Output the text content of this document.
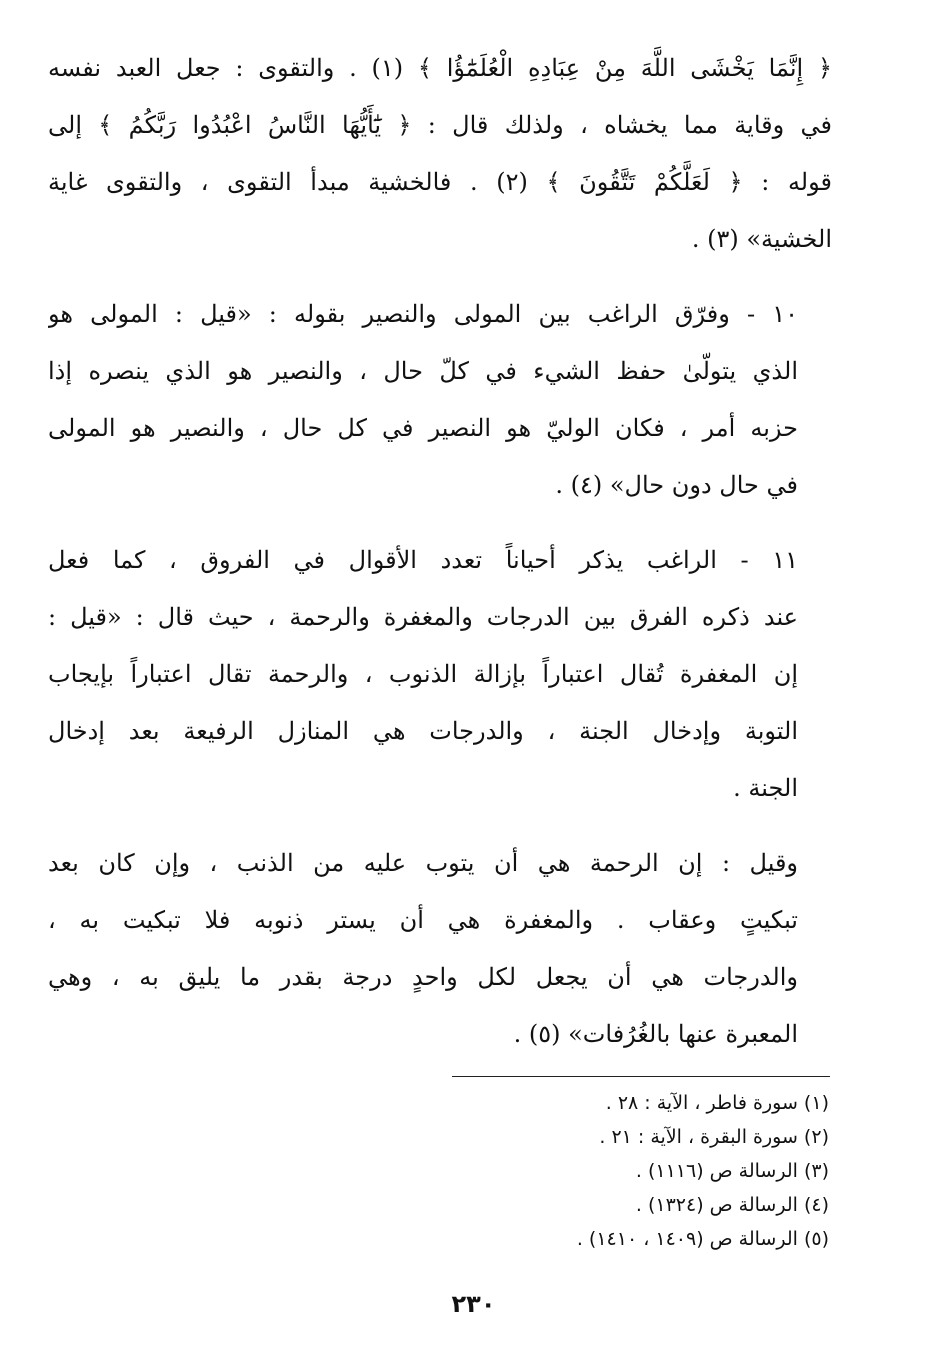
﴿ إِنَّمَا يَخْشَى اللَّهَ مِنْ عِبَادِهِ الْعُلَمَٰٓؤُا ﴾ (١) . والتقوى : جعل العبد نفسه
في وقاية مما يخشاه ، ولذلك قال : ﴿ يَٰٓأَيُّهَا النَّاسُ اعْبُدُوا رَبَّكُمُ ﴾ إلى
قوله : ﴿ لَعَلَّكُمْ تَتَّقُونَ ﴾ (٢) . فالخشية مبدأ التقوى ، والتقوى غاية
الخشية» (٣) .

١٠ - وفرّق الراغب بين المولى والنصير بقوله : «قيل : المولى هو
الذي يتولّىٰ حفظ الشيء في كلّ حال ، والنصير هو الذي ينصره إذا
حزبه أمر ، فكان الوليّ هو النصير في كل حال ، والنصير هو المولى
في حال دون حال» (٤) .

١١ - الراغب يذكر أحياناً تعدد الأقوال في الفروق ، كما فعل
عند ذكره الفرق بين الدرجات والمغفرة والرحمة ، حيث قال : «قيل :
إن المغفرة تُقال اعتباراً بإزالة الذنوب ، والرحمة تقال اعتباراً بإيجاب
التوبة وإدخال الجنة ، والدرجات هي المنازل الرفيعة بعد إدخال
الجنة .

وقيل : إن الرحمة هي أن يتوب عليه من الذنب ، وإن كان بعد
تبكيتٍ وعقاب . والمغفرة هي أن يستر ذنوبه فلا تبكيت به ،
والدرجات هي أن يجعل لكل واحدٍ درجة بقدر ما يليق به ، وهي
المعبرة عنها بالغُرُفات» (٥) .

(١) سورة فاطر ، الآية : ٢٨ .
(٢) سورة البقرة ، الآية : ٢١ .
(٣) الرسالة ص (١١١٦) .
(٤) الرسالة ص (١٣٢٤) .
(٥) الرسالة ص (١٤٠٩ ، ١٤١٠) .
٢٣٠
